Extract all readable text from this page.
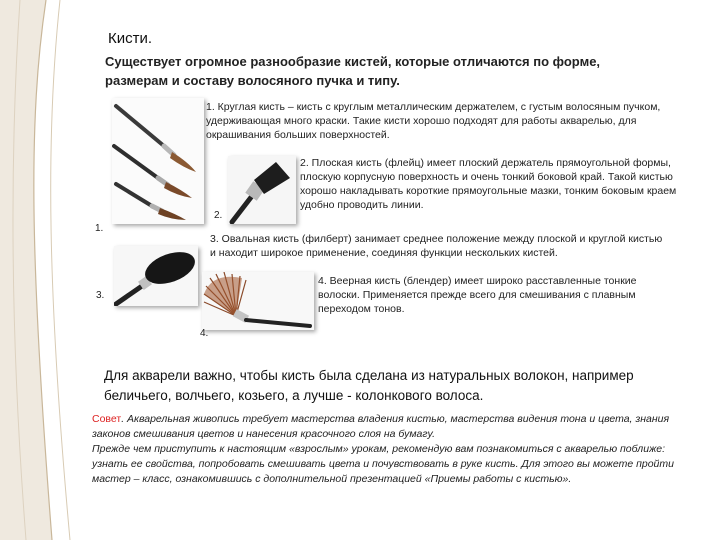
Кисти.
Существует огромное разнообразие кистей, которые отличаются по форме, размерам и составу волосяного пучка и типу.
1.
1. Круглая кисть – кисть с круглым металлическим держателем, с густым волосяным пучком, удерживающая много краски. Такие кисти хорошо подходят для работы акварелью, для окрашивания больших поверхностей.
2.
2. Плоская кисть (флейц) имеет плоский держатель прямоугольной формы, плоскую корпусную поверхность и очень тонкий боковой край. Такой кистью хорошо накладывать короткие прямоугольные мазки, тонким боковым краем удобно проводить линии.
3. Овальная кисть (филберт) занимает среднее положение между плоской и круглой кистью и находит широкое применение, соединяя функции нескольких кистей.
3.
4.
4. Веерная кисть (блендер) имеет широко расставленные тонкие волоски. Применяется прежде всего для смешивания с плавным переходом тонов.
Для акварели важно, чтобы кисть была сделана из натуральных волокон, например беличьего, волчьего, козьего, а лучше - колонкового волоса.
Совет. Акварельная живопись требует мастерства владения кистью, мастерства видения тона и цвета, знания законов смешивания цветов и нанесения красочного слоя на бумагу.
Прежде чем приступить к настоящим «взрослым» урокам, рекомендую вам познакомиться с акварелью поближе: узнать ее свойства, попробовать смешивать цвета и почувствовать в руке кисть. Для этого вы можете пройти мастер – класс, ознакомившись с дополнительной презентацией «Приемы работы с кистью».
